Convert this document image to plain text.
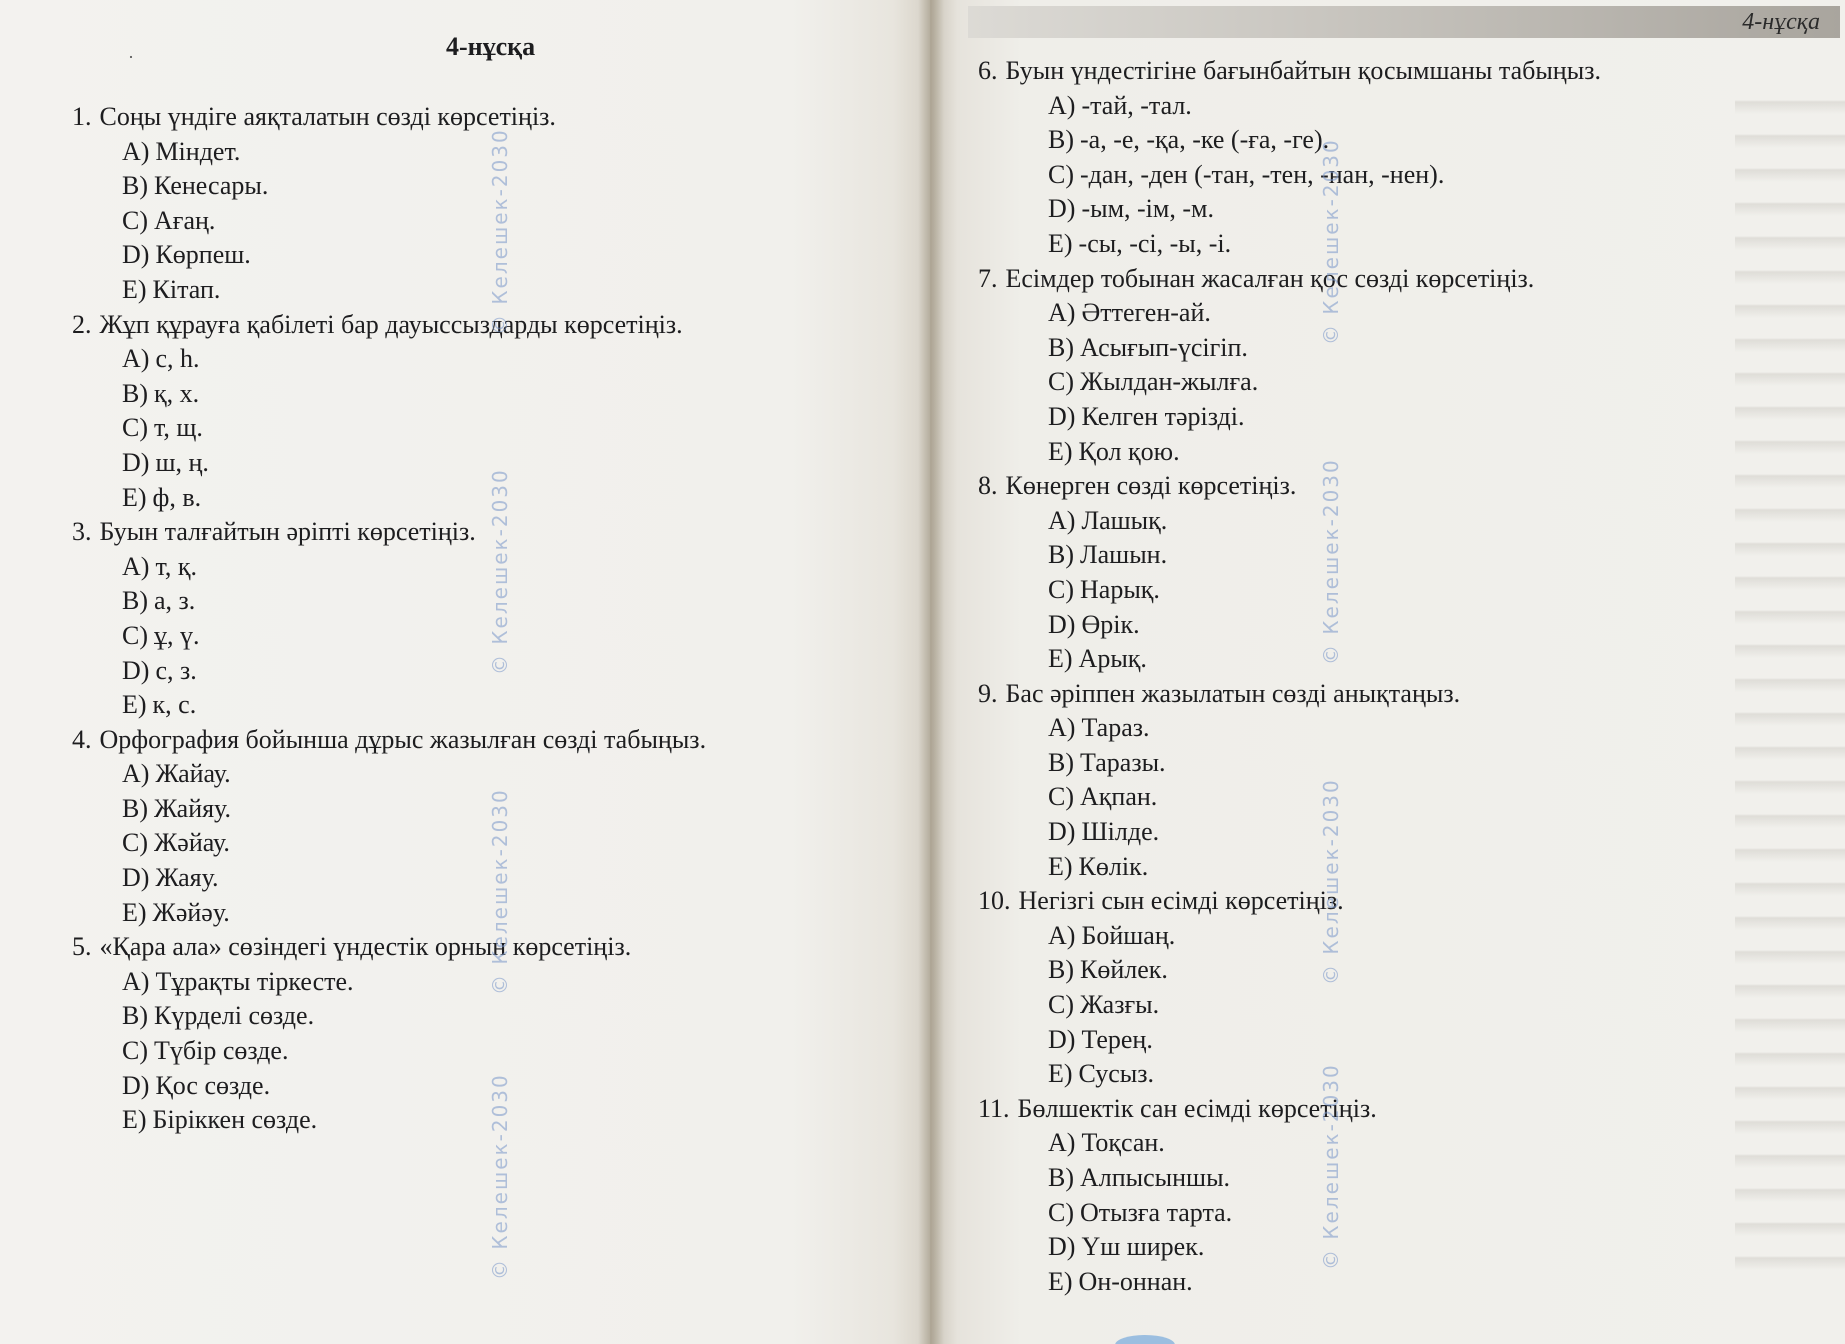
·	4-нұсқа
1. Соңы үндіге аяқталатын сөзді көрсетіңіз.
A) Міндет.
B) Кенесары.
C) Ағаң.
D) Көрпеш.
E) Кітап.
2. Жұп құрауға қабілеті бар дауыссыздарды көрсетіңіз.
A) с, һ.
B) қ, х.
C) т, щ.
D) ш, ң.
E) ф, в.
3. Буын талғайтын әріпті көрсетіңіз.
A) т, қ.
B) а, з.
C) ұ, ү.
D) с, з.
E) к, с.
4. Орфография бойынша дұрыс жазылған сөзді табыңыз.
A) Жайау.
B) Жайяу.
C) Жәйау.
D) Жаяу.
E) Жәйәу.
5. «Қара ала» сөзіндегі үндестік орнын көрсетіңіз.
A) Тұрақты тіркесте.
B) Күрделі сөзде.
C) Түбір сөзде.
D) Қос сөзде.
E) Біріккен сөзде.
© Келешек-2030
© Келешек-2030
© Келешек-2030
© Келешек-2030
4-нұсқа
6. Буын үндестігіне бағынбайтын қосымшаны табыңыз.
A) -тай, -тал.
B) -а, -е, -қа, -ке (-ға, -ге).
C) -дан, -ден (-тан, -тен, -нан, -нен).
D) -ым, -ім, -м.
E) -сы, -сі, -ы, -і.
7. Есімдер тобынан жасалған қос сөзді көрсетіңіз.
A) Әттеген-ай.
B) Асығып-үсігіп.
C) Жылдан-жылға.
D) Келген тәрізді.
E) Қол қою.
8. Көнерген сөзді көрсетіңіз.
A) Лашық.
B) Лашын.
C) Нарық.
D) Өрік.
E) Арық.
9. Бас әріппен жазылатын сөзді анықтаңыз.
A) Тараз.
B) Таразы.
C) Ақпан.
D) Шілде.
E) Көлік.
10. Негізгі сын есімді көрсетіңіз.
A) Бойшаң.
B) Көйлек.
C) Жазғы.
D) Терең.
E) Сусыз.
11. Бөлшектік сан есімді көрсетіңіз.
A) Тоқсан.
B) Алпысыншы.
C) Отызға тарта.
D) Үш ширек.
E) Он-оннан.
© Келешек-2030
© Келешек-2030
© Келешек-2030
© Келешек-2030
